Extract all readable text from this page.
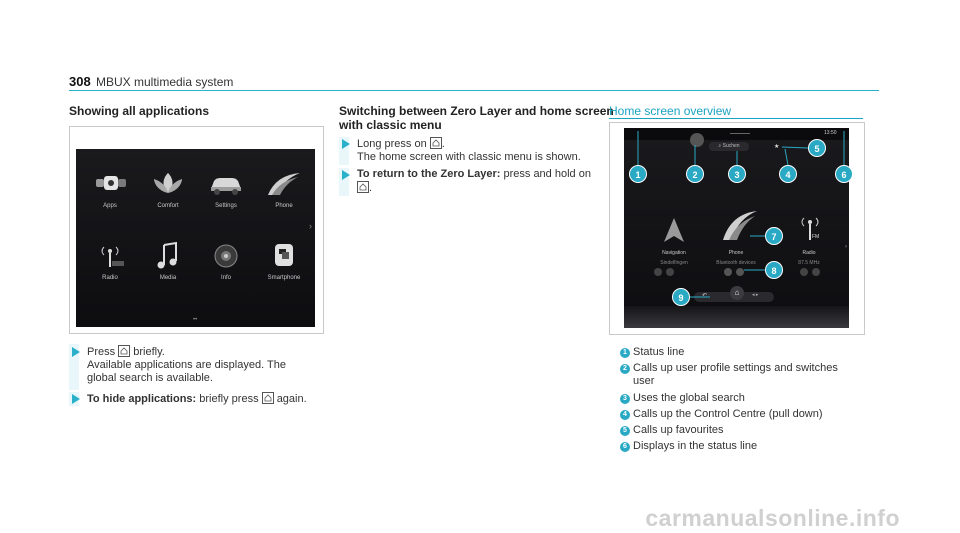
308 MBUX multimedia system
Showing all applications
Apps	Comfort	Settings	Phone
Radio	Media	Info	Smartphone
›
••
Press briefly.
Available applications are displayed. The
global search is available.
To hide applications: briefly press again.
Switching between Zero Layer and home screen
with classic menu
Long press on .
The home screen with classic menu is shown.
To return to the Zero Layer: press and hold on

.
Home screen overview
⌕ Suchen	★
13:50
FM
Navigation
Sindelfingen
Phone
Bluetooth devices
Radio
87.5 MHz
›
↶	⌂	◂ ▸
1	2	3	4
5
6
7
8
9
1 Status line
2 Calls up user profile settings and switches
user
3 Uses the global search
4 Calls up the Control Centre (pull down)
5 Calls up favourites
6 Displays in the status line
carmanualsonline.info
